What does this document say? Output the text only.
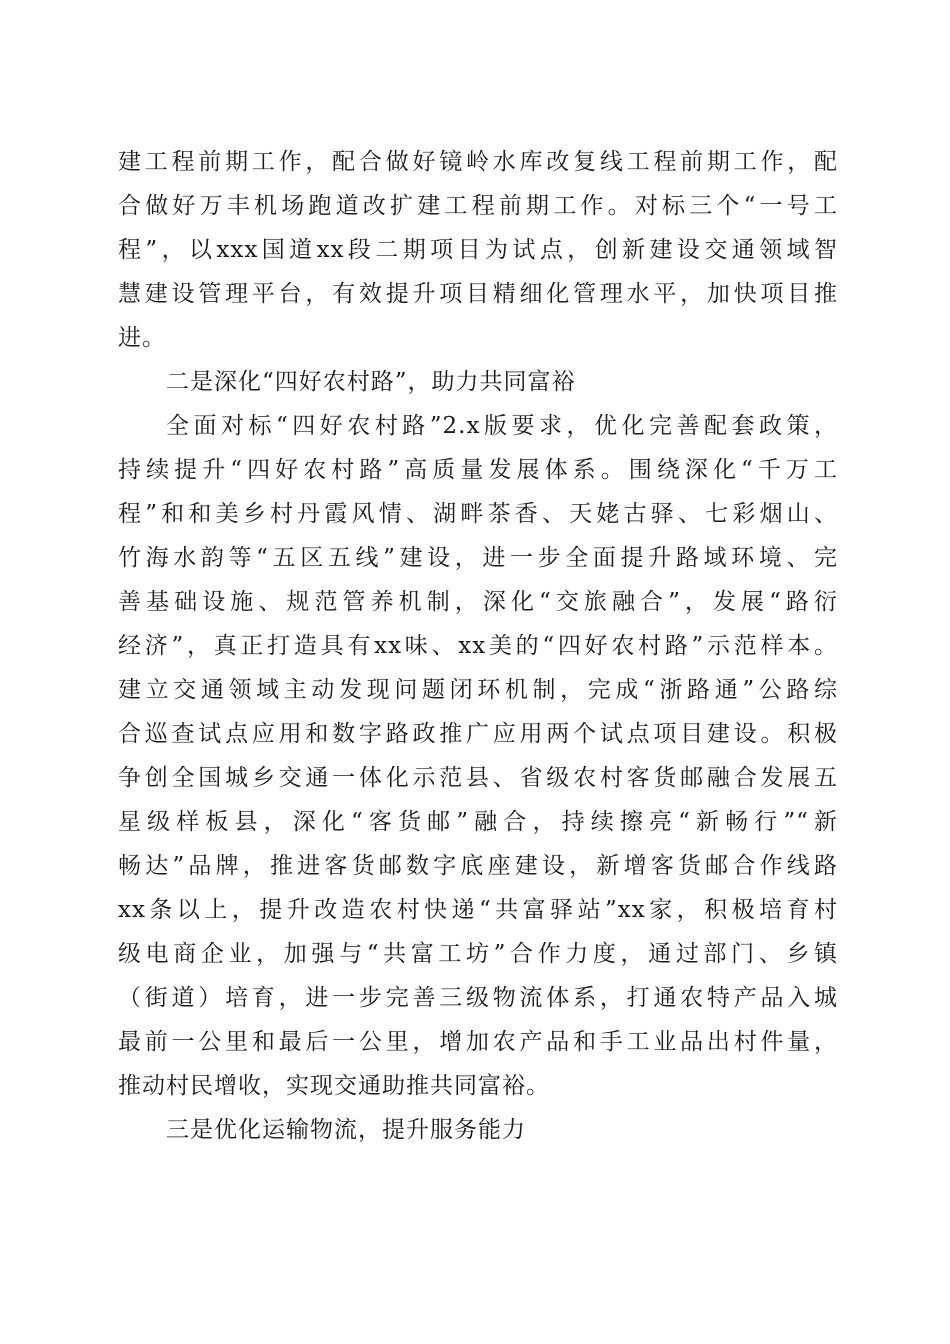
建工程前期工作，配合做好镜岭水库改复线工程前期工作，配
合做好万丰机场跑道改扩建工程前期工作。对标三个“一号工
程”，以xxx国道xx段二期项目为试点，创新建设交通领域智
慧建设管理平台，有效提升项目精细化管理水平，加快项目推
进。
二是深化“四好农村路”，助力共同富裕
全面对标“四好农村路”2.x版要求，优化完善配套政策，
持续提升“四好农村路”高质量发展体系。围绕深化“千万工
程”和和美乡村丹霞风情、湖畔茶香、天姥古驿、七彩烟山、
竹海水韵等“五区五线”建设，进一步全面提升路域环境、完
善基础设施、规范管养机制，深化“交旅融合”，发展“路衍
经济”，真正打造具有xx味、xx美的“四好农村路”示范样本。
建立交通领域主动发现问题闭环机制，完成“浙路通”公路综
合巡查试点应用和数字路政推广应用两个试点项目建设。积极
争创全国城乡交通一体化示范县、省级农村客货邮融合发展五
星级样板县，深化“客货邮”融合，持续擦亮“新畅行”“新
畅达”品牌，推进客货邮数字底座建设，新增客货邮合作线路
xx条以上，提升改造农村快递“共富驿站”xx家，积极培育村
级电商企业，加强与“共富工坊”合作力度，通过部门、乡镇
（街道）培育，进一步完善三级物流体系，打通农特产品入城
最前一公里和最后一公里，增加农产品和手工业品出村件量，
推动村民增收，实现交通助推共同富裕。
三是优化运输物流，提升服务能力
